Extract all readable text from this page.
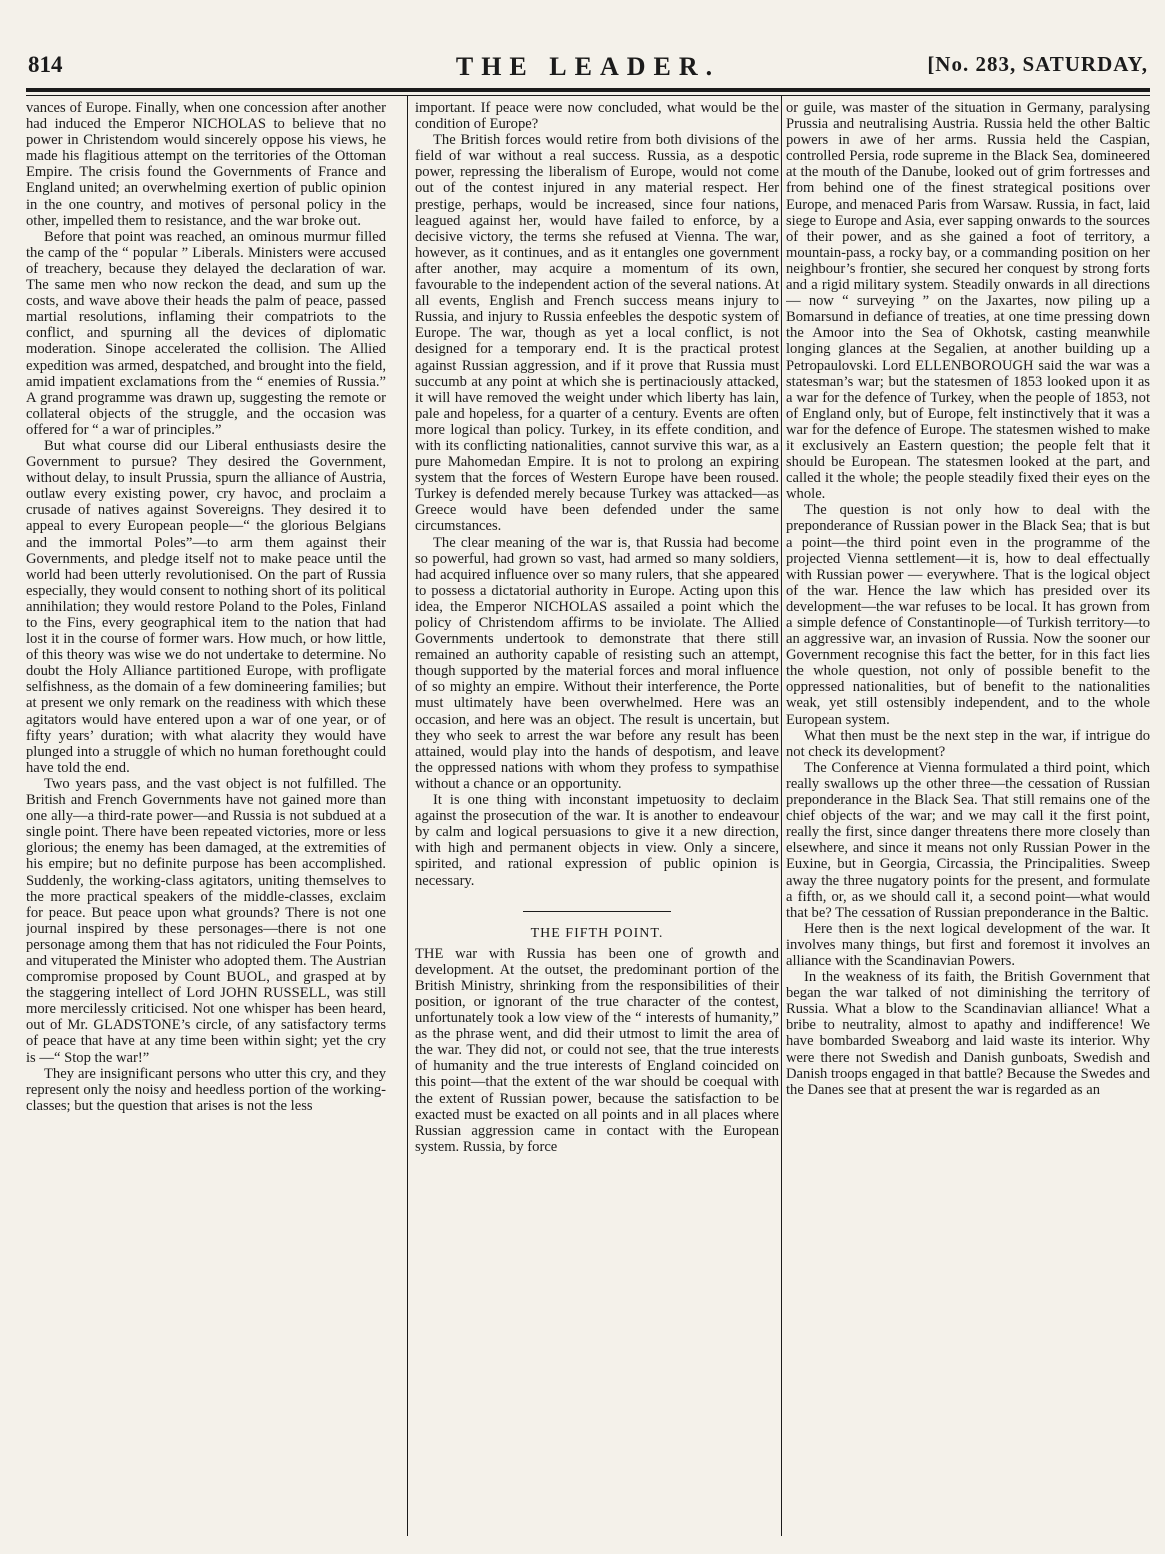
814	THE LEADER.	[No. 283, SATURDAY,

vances of Europe. Finally, when one concession after another had induced the Emperor NICHOLAS to believe that no power in Christendom would sincerely oppose his views, he made his flagitious attempt on the territories of the Ottoman Empire. The crisis found the Governments of France and England united; an overwhelming exertion of public opinion in the one country, and motives of personal policy in the other, impelled them to resistance, and the war broke out.

Before that point was reached, an ominous murmur filled the camp of the “ popular ” Liberals. Ministers were accused of treachery, because they delayed the declaration of war. The same men who now reckon the dead, and sum up the costs, and wave above their heads the palm of peace, passed martial resolutions, inflaming their compatriots to the conflict, and spurning all the devices of diplomatic moderation. Sinope accelerated the collision. The Allied expedition was armed, despatched, and brought into the field, amid impatient exclamations from the “ enemies of Russia.” A grand programme was drawn up, suggesting the remote or collateral objects of the struggle, and the occasion was offered for “ a war of principles.”

But what course did our Liberal enthusiasts desire the Government to pursue? They desired the Government, without delay, to insult Prussia, spurn the alliance of Austria, outlaw every existing power, cry havoc, and proclaim a crusade of natives against Sovereigns. They desired it to appeal to every European people—“ the glorious Belgians and the immortal Poles”—to arm them against their Governments, and pledge itself not to make peace until the world had been utterly revolutionised. On the part of Russia especially, they would consent to nothing short of its political annihilation; they would restore Poland to the Poles, Finland to the Fins, every geographical item to the nation that had lost it in the course of former wars. How much, or how little, of this theory was wise we do not undertake to determine. No doubt the Holy Alliance partitioned Europe, with profligate selfishness, as the domain of a few domineering families; but at present we only remark on the readiness with which these agitators would have entered upon a war of one year, or of fifty years’ duration; with what alacrity they would have plunged into a struggle of which no human forethought could have told the end.

Two years pass, and the vast object is not fulfilled. The British and French Governments have not gained more than one ally—a third-rate power—and Russia is not subdued at a single point. There have been repeated victories, more or less glorious; the enemy has been damaged, at the extremities of his empire; but no definite purpose has been accomplished. Suddenly, the working-class agitators, uniting themselves to the more practical speakers of the middle-classes, exclaim for peace. But peace upon what grounds? There is not one journal inspired by these personages—there is not one personage among them that has not ridiculed the Four Points, and vituperated the Minister who adopted them. The Austrian compromise proposed by Count BUOL, and grasped at by the staggering intellect of Lord JOHN RUSSELL, was still more mercilessly criticised. Not one whisper has been heard, out of Mr. GLADSTONE’s circle, of any satisfactory terms of peace that have at any time been within sight; yet the cry is —“ Stop the war!”

They are insignificant persons who utter this cry, and they represent only the noisy and heedless portion of the working-classes; but the question that arises is not the less

important. If peace were now concluded, what would be the condition of Europe?

The British forces would retire from both divisions of the field of war without a real success. Russia, as a despotic power, repressing the liberalism of Europe, would not come out of the contest injured in any material respect. Her prestige, perhaps, would be increased, since four nations, leagued against her, would have failed to enforce, by a decisive victory, the terms she refused at Vienna. The war, however, as it continues, and as it entangles one government after another, may acquire a momentum of its own, favourable to the independent action of the several nations. At all events, English and French success means injury to Russia, and injury to Russia enfeebles the despotic system of Europe. The war, though as yet a local conflict, is not designed for a temporary end. It is the practical protest against Russian aggression, and if it prove that Russia must succumb at any point at which she is pertinaciously attacked, it will have removed the weight under which liberty has lain, pale and hopeless, for a quarter of a century. Events are often more logical than policy. Turkey, in its effete condition, and with its conflicting nationalities, cannot survive this war, as a pure Mahomedan Empire. It is not to prolong an expiring system that the forces of Western Europe have been roused. Turkey is defended merely because Turkey was attacked—as Greece would have been defended under the same circumstances.

The clear meaning of the war is, that Russia had become so powerful, had grown so vast, had armed so many soldiers, had acquired influence over so many rulers, that she appeared to possess a dictatorial authority in Europe. Acting upon this idea, the Emperor NICHOLAS assailed a point which the policy of Christendom affirms to be inviolate. The Allied Governments undertook to demonstrate that there still remained an authority capable of resisting such an attempt, though supported by the material forces and moral influence of so mighty an empire. Without their interference, the Porte must ultimately have been overwhelmed. Here was an occasion, and here was an object. The result is uncertain, but they who seek to arrest the war before any result has been attained, would play into the hands of despotism, and leave the oppressed nations with whom they profess to sympathise without a chance or an opportunity.

It is one thing with inconstant impetuosity to declaim against the prosecution of the war. It is another to endeavour by calm and logical persuasions to give it a new direction, with high and permanent objects in view. Only a sincere, spirited, and rational expression of public opinion is necessary.

THE FIFTH POINT.

THE war with Russia has been one of growth and development. At the outset, the predominant portion of the British Ministry, shrinking from the responsibilities of their position, or ignorant of the true character of the contest, unfortunately took a low view of the “ interests of humanity,” as the phrase went, and did their utmost to limit the area of the war. They did not, or could not see, that the true interests of humanity and the true interests of England coincided on this point—that the extent of the war should be coequal with the extent of Russian power, because the satisfaction to be exacted must be exacted on all points and in all places where Russian aggression came in contact with the European system. Russia, by force

or guile, was master of the situation in Germany, paralysing Prussia and neutralising Austria. Russia held the other Baltic powers in awe of her arms. Russia held the Caspian, controlled Persia, rode supreme in the Black Sea, domineered at the mouth of the Danube, looked out of grim fortresses and from behind one of the finest strategical positions over Europe, and menaced Paris from Warsaw. Russia, in fact, laid siege to Europe and Asia, ever sapping onwards to the sources of their power, and as she gained a foot of territory, a mountain-pass, a rocky bay, or a commanding position on her neighbour’s frontier, she secured her conquest by strong forts and a rigid military system. Steadily onwards in all directions — now “ surveying ” on the Jaxartes, now piling up a Bomarsund in defiance of treaties, at one time pressing down the Amoor into the Sea of Okhotsk, casting meanwhile longing glances at the Segalien, at another building up a Petropaulovski. Lord ELLENBOROUGH said the war was a statesman’s war; but the statesmen of 1853 looked upon it as a war for the defence of Turkey, when the people of 1853, not of England only, but of Europe, felt instinctively that it was a war for the defence of Europe. The statesmen wished to make it exclusively an Eastern question; the people felt that it should be European. The statesmen looked at the part, and called it the whole; the people steadily fixed their eyes on the whole.

The question is not only how to deal with the preponderance of Russian power in the Black Sea; that is but a point—the third point even in the programme of the projected Vienna settlement—it is, how to deal effectually with Russian power — everywhere. That is the logical object of the war. Hence the law which has presided over its development—the war refuses to be local. It has grown from a simple defence of Constantinople—of Turkish territory—to an aggressive war, an invasion of Russia. Now the sooner our Government recognise this fact the better, for in this fact lies the whole question, not only of possible benefit to the oppressed nationalities, but of benefit to the nationalities weak, yet still ostensibly independent, and to the whole European system.

What then must be the next step in the war, if intrigue do not check its development?

The Conference at Vienna formulated a third point, which really swallows up the other three—the cessation of Russian preponderance in the Black Sea. That still remains one of the chief objects of the war; and we may call it the first point, really the first, since danger threatens there more closely than elsewhere, and since it means not only Russian Power in the Euxine, but in Georgia, Circassia, the Principalities. Sweep away the three nugatory points for the present, and formulate a fifth, or, as we should call it, a second point—what would that be? The cessation of Russian preponderance in the Baltic.

Here then is the next logical development of the war. It involves many things, but first and foremost it involves an alliance with the Scandinavian Powers.

In the weakness of its faith, the British Government that began the war talked of not diminishing the territory of Russia. What a blow to the Scandinavian alliance! What a bribe to neutrality, almost to apathy and indifference! We have bombarded Sweaborg and laid waste its interior. Why were there not Swedish and Danish gunboats, Swedish and Danish troops engaged in that battle? Because the Swedes and the Danes see that at present the war is regarded as an
